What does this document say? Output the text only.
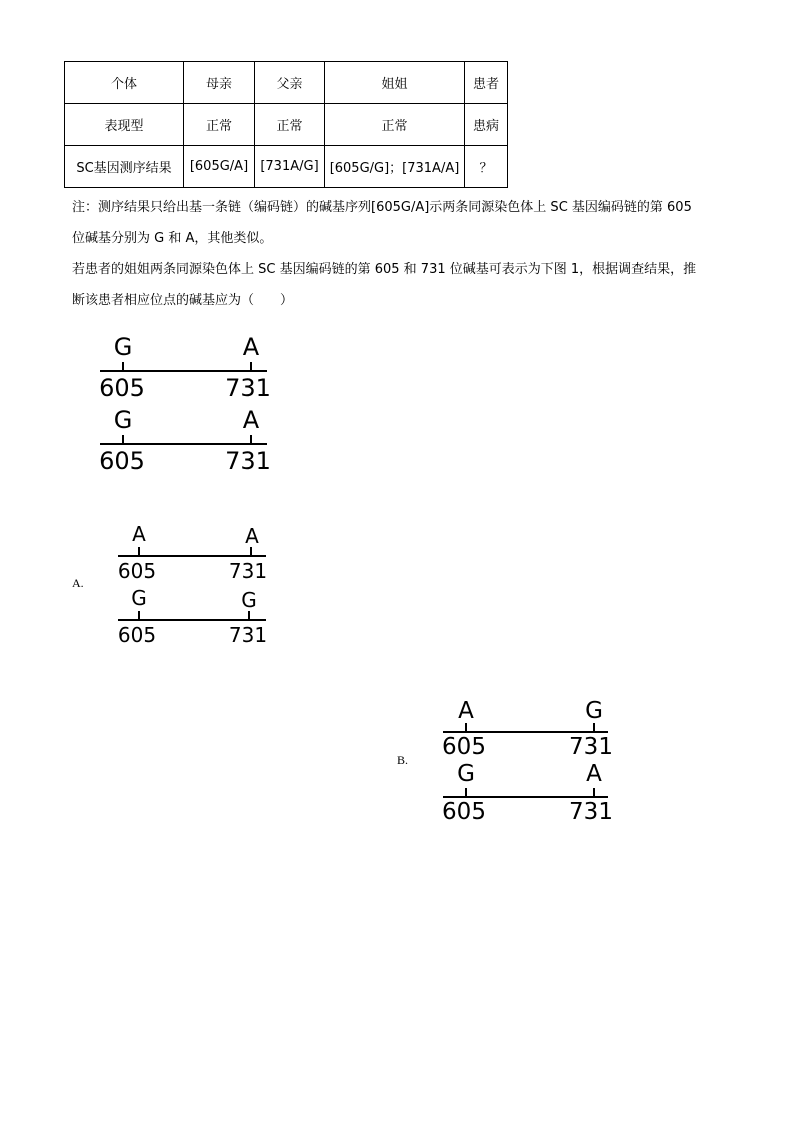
个体	母亲	父亲	姐姐	患者
表现型	正常	正常	正常	患病
SC基因测序结果	[605G/A]	[731A/G]	[605G/G]；[731A/A]	？
注：测序结果只给出基一条链（编码链）的碱基序列[605G/A]示两条同源染色体上 SC 基因编码链的第 605
位碱基分别为 G 和 A，其他类似。
若患者的姐姐两条同源染色体上 SC 基因编码链的第 605 和 731 位碱基可表示为下图 1，根据调查结果，推
断该患者相应位点的碱基应为（　　）
G	A
605	731
G	A
605	731
A.
A	A
605	731
G	G
605	731
B.
A	G
605	731
G	A
605	731
